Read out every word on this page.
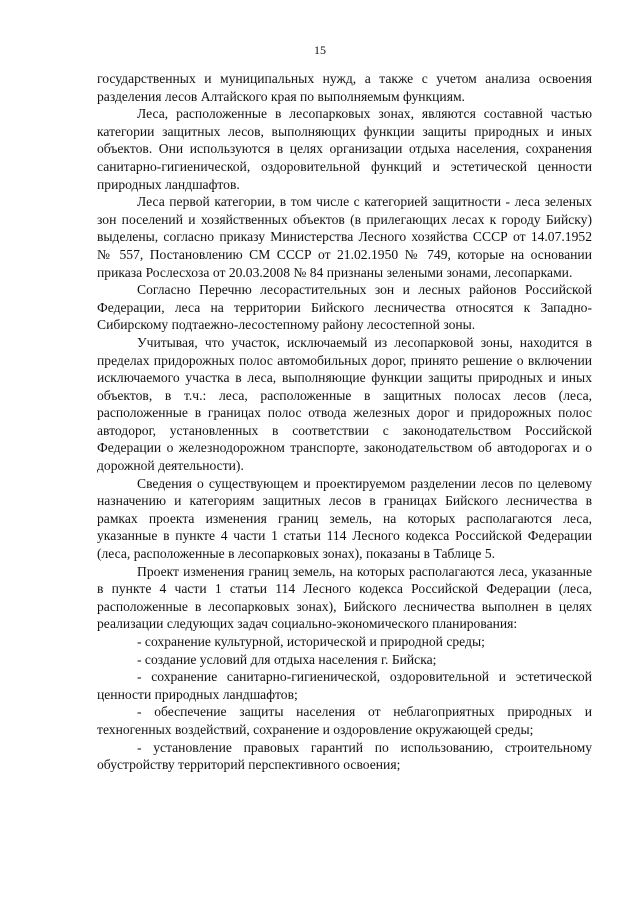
15

государственных и муниципальных нужд, а также с учетом анализа освоения разделения лесов Алтайского края по выполняемым функциям.

Леса, расположенные в лесопарковых зонах, являются составной частью категории защитных лесов, выполняющих функции защиты природных и иных объектов. Они используются в целях организации отдыха населения, сохранения санитарно-гигиенической, оздоровительной функций и эстетической ценности природных ландшафтов.

Леса первой категории, в том числе с категорией защитности - леса зеленых зон поселений и хозяйственных объектов (в прилегающих лесах к городу Бийску) выделены, согласно приказу Министерства Лесного хозяйства СССР от 14.07.1952 № 557, Постановлению СМ СССР от 21.02.1950 № 749, которые на основании приказа Рослесхоза от 20.03.2008 № 84 признаны зелеными зонами, лесопарками.

Согласно Перечню лесорастительных зон и лесных районов Российской Федерации, леса на территории Бийского лесничества относятся к Западно-Сибирскому подтаежно-лесостепному району лесостепной зоны.

Учитывая, что участок, исключаемый из лесопарковой зоны, находится в пределах придорожных полос автомобильных дорог, принято решение о включении исключаемого участка в леса, выполняющие функции защиты природных и иных объектов, в т.ч.: леса, расположенные в защитных полосах лесов (леса, расположенные в границах полос отвода железных дорог и придорожных полос автодорог, установленных в соответствии с законодательством Российской Федерации о железнодорожном транспорте, законодательством об автодорогах и о дорожной деятельности).

Сведения о существующем и проектируемом разделении лесов по целевому назначению и категориям защитных лесов в границах Бийского лесничества в рамках проекта изменения границ земель, на которых располагаются леса, указанные в пункте 4 части 1 статьи 114 Лесного кодекса Российской Федерации (леса, расположенные в лесопарковых зонах), показаны в Таблице 5.

Проект изменения границ земель, на которых располагаются леса, указанные в пункте 4 части 1 статьи 114 Лесного кодекса Российской Федерации (леса, расположенные в лесопарковых зонах), Бийского лесничества выполнен в целях реализации следующих задач социально-экономического планирования:

- сохранение культурной, исторической и природной среды;

- создание условий для отдыха населения г. Бийска;

- сохранение санитарно-гигиенической, оздоровительной и эстетической ценности природных ландшафтов;

- обеспечение защиты населения от неблагоприятных природных и техногенных воздействий, сохранение и оздоровление окружающей среды;

- установление правовых гарантий по использованию, строительному обустройству территорий перспективного освоения;
